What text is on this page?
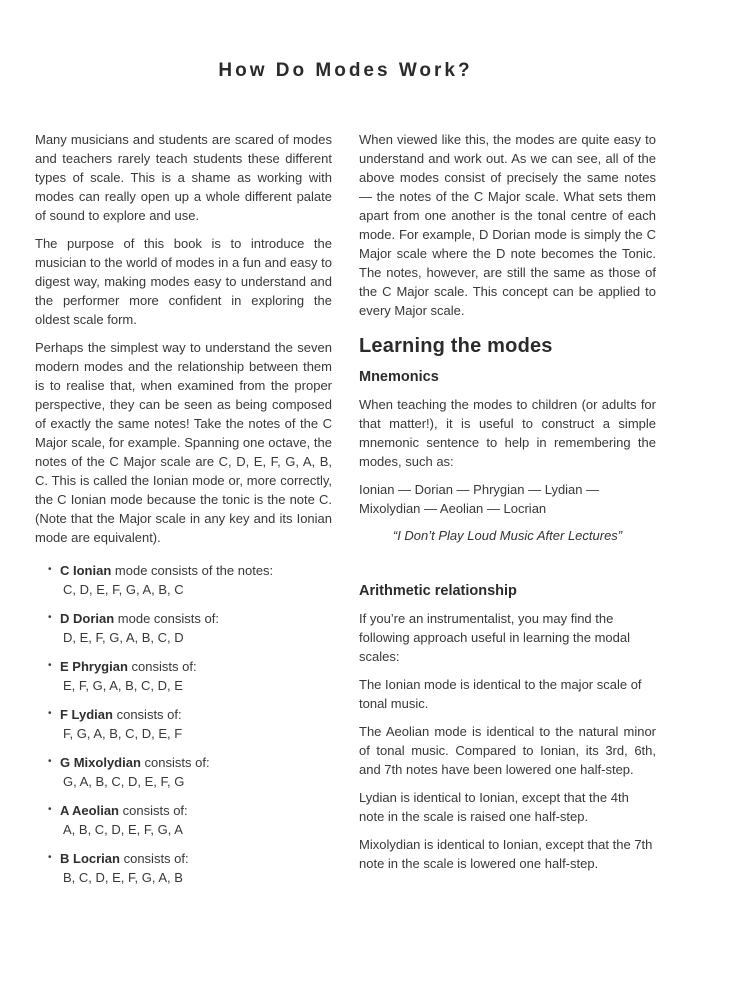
How Do Modes Work?

Many musicians and students are scared of modes and teachers rarely teach students these different types of scale. This is a shame as working with modes can really open up a whole different palate of sound to explore and use.

The purpose of this book is to introduce the musician to the world of modes in a fun and easy to digest way, making modes easy to understand and the performer more confident in exploring the oldest scale form.

Perhaps the simplest way to understand the seven modern modes and the relationship between them is to realise that, when examined from the proper perspective, they can be seen as being composed of exactly the same notes! Take the notes of the C Major scale, for example. Spanning one octave, the notes of the C Major scale are C, D, E, F, G, A, B, C. This is called the Ionian mode or, more correctly, the C Ionian mode because the tonic is the note C. (Note that the Major scale in any key and its Ionian mode are equivalent).

• C Ionian mode consists of the notes:
C, D, E, F, G, A, B, C
• D Dorian mode consists of:
D, E, F, G, A, B, C, D
• E Phrygian consists of:
E, F, G, A, B, C, D, E
• F Lydian consists of:
F, G, A, B, C, D, E, F
• G Mixolydian consists of:
G, A, B, C, D, E, F, G
• A Aeolian consists of:
A, B, C, D, E, F, G, A
• B Locrian consists of:
B, C, D, E, F, G, A, B

When viewed like this, the modes are quite easy to understand and work out. As we can see, all of the above modes consist of precisely the same notes — the notes of the C Major scale. What sets them apart from one another is the tonal centre of each mode. For example, D Dorian mode is simply the C Major scale where the D note becomes the Tonic. The notes, however, are still the same as those of the C Major scale. This concept can be applied to every Major scale.

Learning the modes
Mnemonics

When teaching the modes to children (or adults for that matter!), it is useful to construct a simple mnemonic sentence to help in remembering the modes, such as:

Ionian — Dorian — Phrygian — Lydian —
Mixolydian — Aeolian — Locrian
“I Don’t Play Loud Music After Lectures”
Arithmetic relationship

If you’re an instrumentalist, you may find the following approach useful in learning the modal scales:

The Ionian mode is identical to the major scale of tonal music.

The Aeolian mode is identical to the natural minor of tonal music. Compared to Ionian, its 3rd, 6th, and 7th notes have been lowered one half-step.

Lydian is identical to Ionian, except that the 4th note in the scale is raised one half-step.

Mixolydian is identical to Ionian, except that the 7th note in the scale is lowered one half-step.
